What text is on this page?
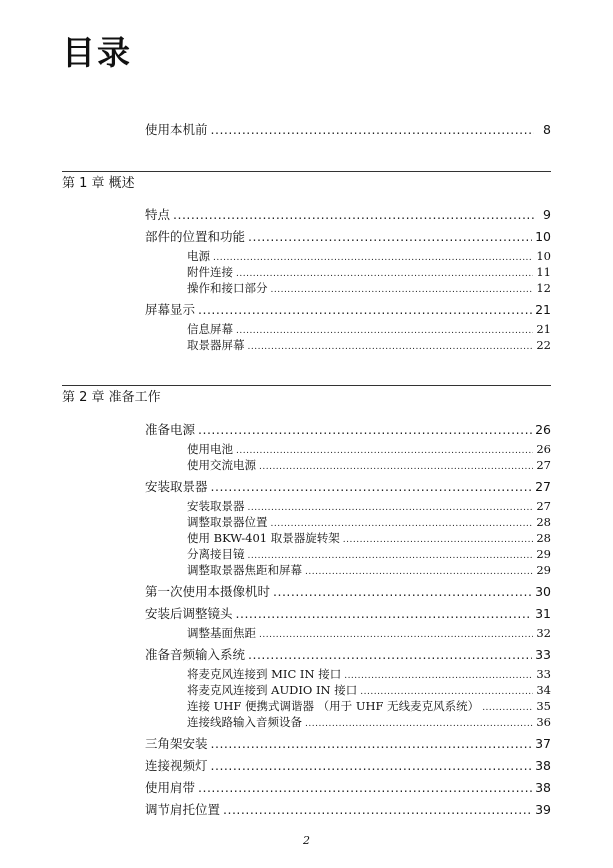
目录
使用本机前 .....	8
第 1 章 概述
特点 .....	9
部件的位置和功能 .....	10
电源 .....	10
附件连接 .....	11
操作和接口部分 .....	12
屏幕显示 .....	21
信息屏幕 .....	21
取景器屏幕 .....	22
第 2 章 准备工作
准备电源 .....	26
使用电池 .....	26
使用交流电源 .....	27
安装取景器 .....	27
安装取景器 .....	27
调整取景器位置 .....	28
使用 BKW-401 取景器旋转架 .....	28
分离接目镜 .....	29
调整取景器焦距和屏幕 .....	29
第一次使用本摄像机时 .....	30
安装后调整镜头 .....	31
调整基面焦距 .....	32
准备音频输入系统 .....	33
将麦克风连接到 MIC IN 接口 .....	33
将麦克风连接到 AUDIO IN 接口 .....	34
连接 UHF 便携式调谐器 （用于 UHF 无线麦克风系统） .....	35
连接线路输入音频设备 .....	36
三角架安装 .....	37
连接视频灯 .....	38
使用肩带 .....	38
调节肩托位置 .....	39
2
